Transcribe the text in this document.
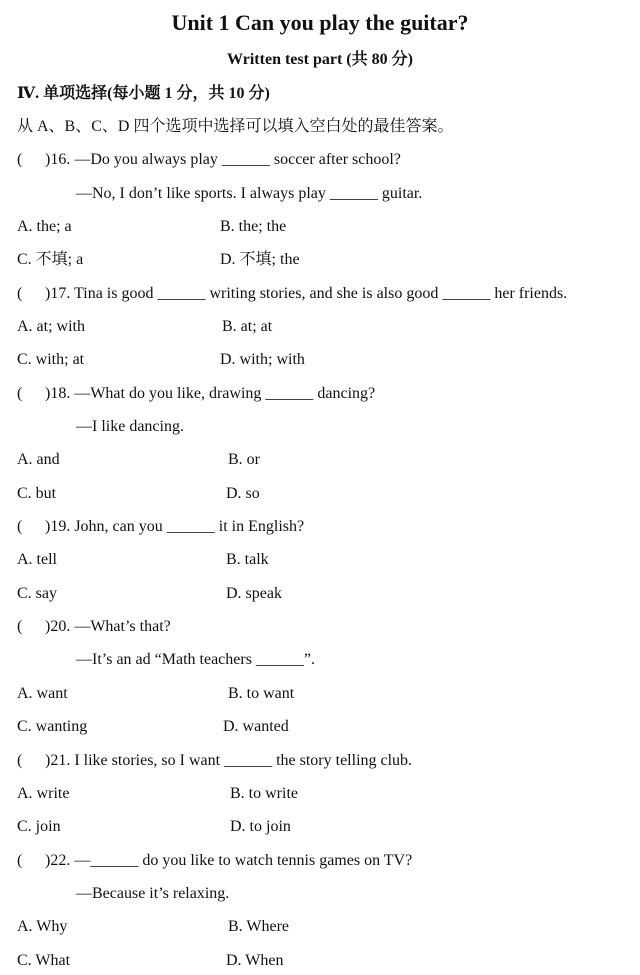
Unit 1 Can you play the guitar?
Written test part (共 80 分)
Ⅳ. 单项选择(每小题 1 分，共 10 分)
从 A、B、C、D 四个选项中选择可以填入空白处的最佳答案。
( )16. —Do you always play ______ soccer after school?
—No, I don’t like sports. I always play ______ guitar.
A. the; a	B. the; the
C. 不填; a	D. 不填; the
( )17. Tina is good ______ writing stories, and she is also good ______ her friends.
A. at; with	B. at; at
C. with; at	D. with; with
( )18. —What do you like, drawing ______ dancing?
—I like dancing.
A. and	B. or
C. but	D. so
( )19. John, can you ______ it in English?
A. tell	B. talk
C. say	D. speak
( )20. —What’s that?
—It’s an ad “Math teachers ______”.
A. want	B. to want
C. wanting	D. wanted
( )21. I like stories, so I want ______ the story telling club.
A. write	B. to write
C. join	D. to join
( )22. —______ do you like to watch tennis games on TV?
—Because it’s relaxing.
A. Why	B. Where
C. What	D. When
